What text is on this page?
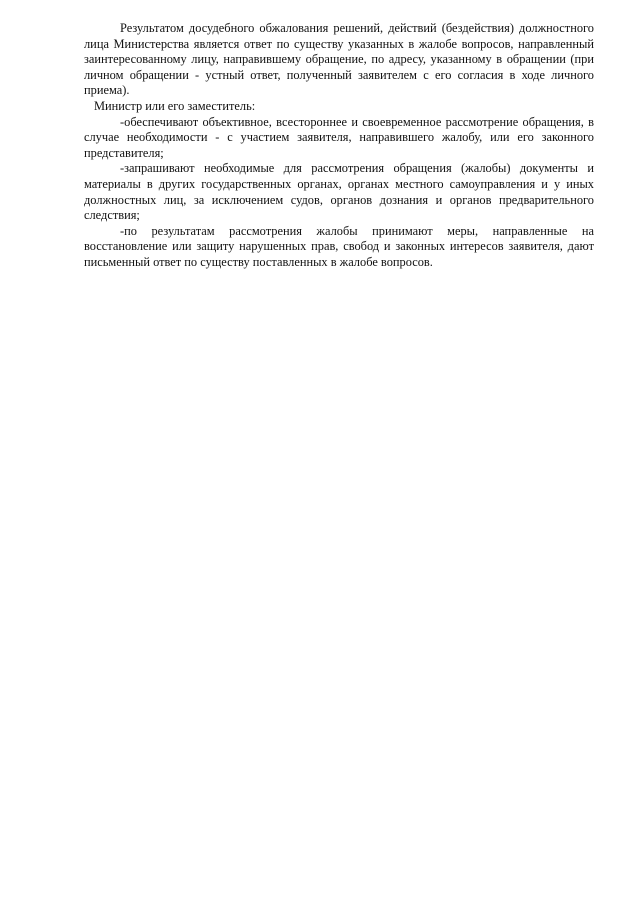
Результатом досудебного обжалования решений, действий (бездействия) должностного лица Министерства является ответ по существу указанных в жалобе вопросов, направленный заинтересованному лицу, направившему обращение, по адресу, указанному в обращении (при личном обращении - устный ответ, полученный заявителем с его согласия в ходе личного приема).

Министр или его заместитель:

-обеспечивают объективное, всестороннее и своевременное рассмотрение обращения, в случае необходимости - с участием заявителя, направившего жалобу, или его законного представителя;

-запрашивают необходимые для рассмотрения обращения (жалобы) документы и материалы в других государственных органах, органах местного самоуправления и у иных должностных лиц, за исключением судов, органов дознания и органов предварительного следствия;

-по результатам рассмотрения жалобы принимают меры, направленные на восстановление или защиту нарушенных прав, свобод и законных интересов заявителя, дают письменный ответ по существу поставленных в жалобе вопросов.
